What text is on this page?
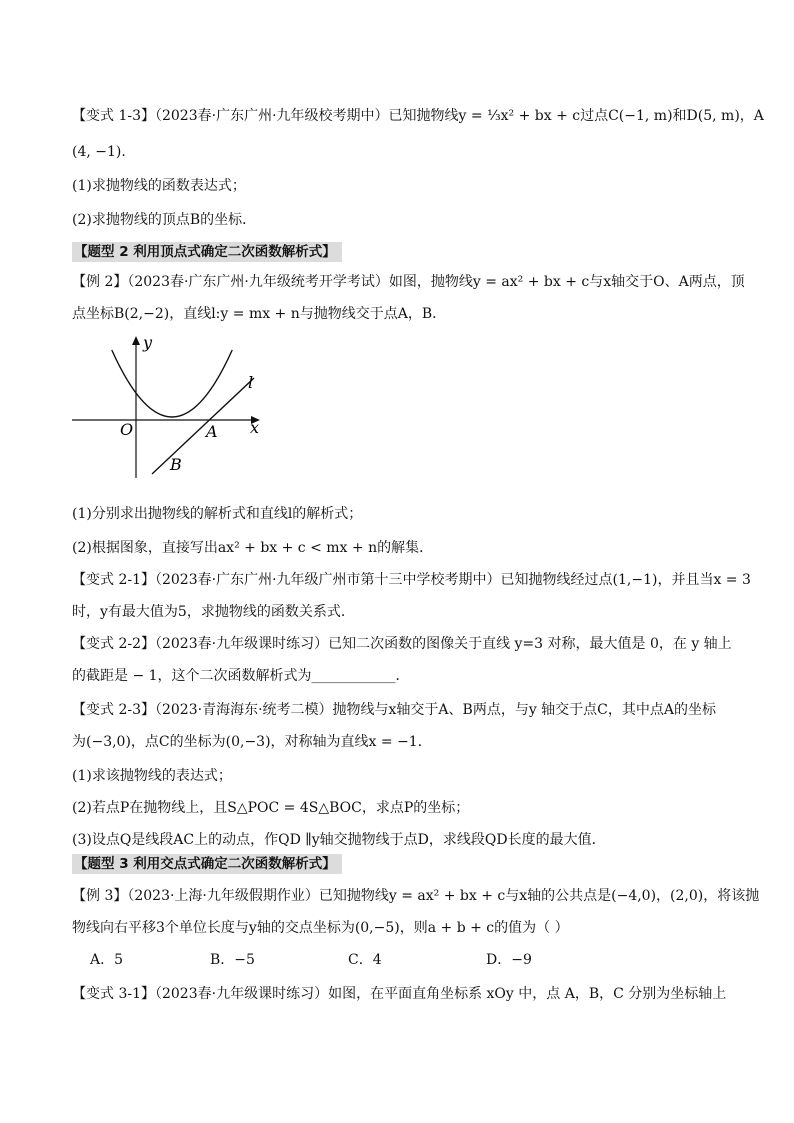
【变式 1-3】（2023春·广东广州·九年级校考期中）已知抛物线y = ⅓x² + bx + c过点C(−1, m)和D(5, m)，A
(4, −1)．
(1)求抛物线的函数表达式；
(2)求抛物线的顶点B的坐标．
【题型 2 利用顶点式确定二次函数解析式】
【例 2】（2023春·广东广州·九年级统考开学考试）如图，抛物线y = ax² + bx + c与x轴交于O、A两点，顶
点坐标B(2,−2)，直线l:y = mx + n与抛物线交于点A，B．
y
x
O	A
B
l
(1)分别求出抛物线的解析式和直线l的解析式；
(2)根据图象，直接写出ax² + bx + c < mx + n的解集．
【变式 2-1】（2023春·广东广州·九年级广州市第十三中学校考期中）已知抛物线经过点(1,−1)，并且当x = 3
时，y有最大值为5，求抛物线的函数关系式．
【变式 2-2】（2023春·九年级课时练习）已知二次函数的图像关于直线 y=3 对称，最大值是 0，在 y 轴上
的截距是 − 1，这个二次函数解析式为____________．
【变式 2-3】（2023·青海海东·统考二模）抛物线与x轴交于A、B两点，与y 轴交于点C，其中点A的坐标
为(−3,0)，点C的坐标为(0,−3)，对称轴为直线x = −1．
(1)求该抛物线的表达式；
(2)若点P在抛物线上，且S△POC = 4S△BOC，求点P的坐标；
(3)设点Q是线段AC上的动点，作QD ∥y轴交抛物线于点D，求线段QD长度的最大值．
【题型 3 利用交点式确定二次函数解析式】
【例 3】（2023·上海·九年级假期作业）已知抛物线y = ax² + bx + c与x轴的公共点是(−4,0)，(2,0)，将该抛
物线向右平移3个单位长度与y轴的交点坐标为(0,−5)，则a + b + c的值为（ ）
A．5	B．−5	C．4	D．−9
【变式 3-1】（2023春·九年级课时练习）如图，在平面直角坐标系 xOy 中，点 A，B，C 分别为坐标轴上
